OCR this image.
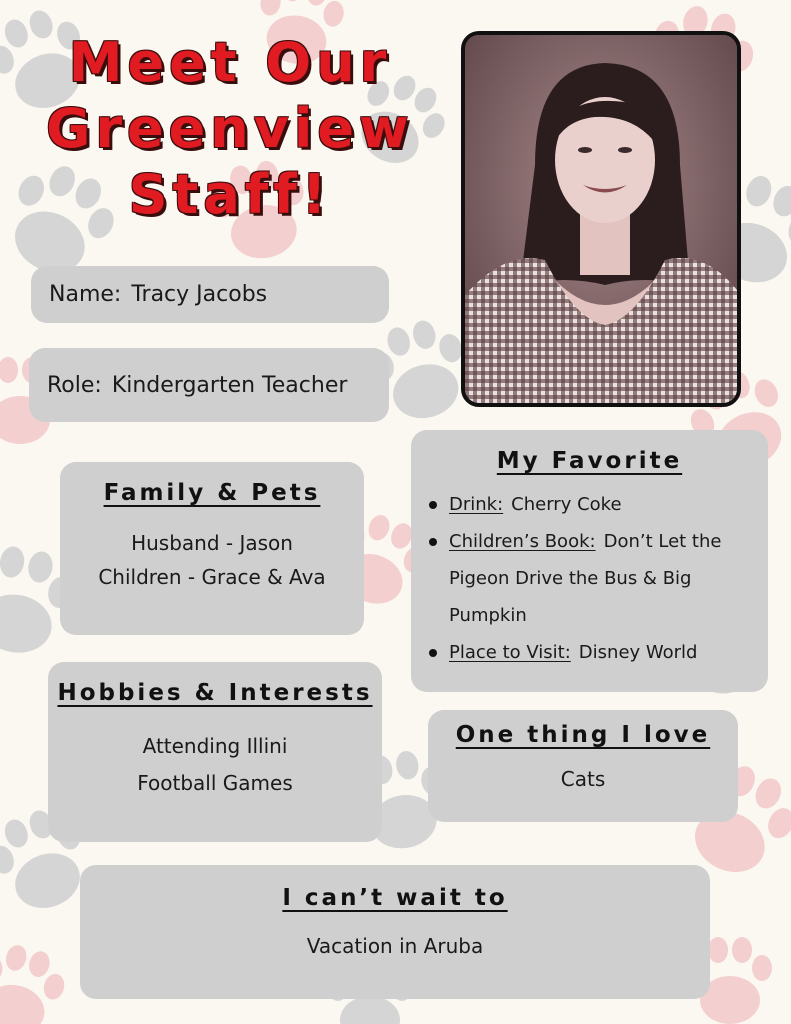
Meet Our
Greenview
Staff!
Name: Tracy Jacobs
Role: Kindergarten Teacher
Family & Pets
Husband - Jason
Children - Grace & Ava
My Favorite
Drink: Cherry Coke
Children’s Book: Don’t Let the Pigeon Drive the Bus & Big Pumpkin
Place to Visit: Disney World
Hobbies & Interests
Attending Illini
Football Games
One thing I love
Cats
I can’t wait to
Vacation in Aruba
